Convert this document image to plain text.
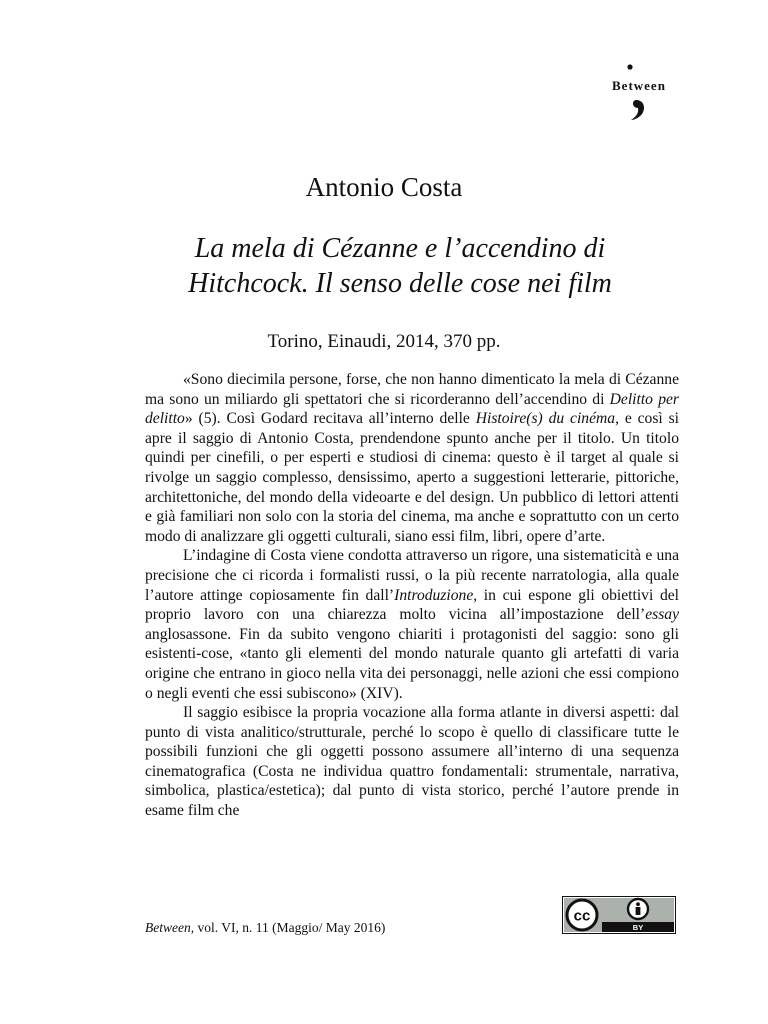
Between
Antonio Costa
La mela di Cézanne e l’accendino di
Hitchcock. Il senso delle cose nei film
Torino, Einaudi, 2014, 370 pp.

«Sono diecimila persone, forse, che non hanno dimenticato la mela di Cézanne ma sono un miliardo gli spettatori che si ricorderanno dell’accendino di Delitto per delitto» (5). Così Godard recitava all’interno delle Histoire(s) du cinéma, e così si apre il saggio di Antonio Costa, prendendone spunto anche per il titolo. Un titolo quindi per cinefili, o per esperti e studiosi di cinema: questo è il target al quale si rivolge un saggio complesso, densissimo, aperto a suggestioni letterarie, pittoriche, architettoniche, del mondo della videoarte e del design. Un pubblico di lettori attenti e già familiari non solo con la storia del cinema, ma anche e soprattutto con un certo modo di analizzare gli oggetti culturali, siano essi film, libri, opere d’arte.

L’indagine di Costa viene condotta attraverso un rigore, una sistematicità e una precisione che ci ricorda i formalisti russi, o la più recente narratologia, alla quale l’autore attinge copiosamente fin dall’Introduzione, in cui espone gli obiettivi del proprio lavoro con una chiarezza molto vicina all’impostazione dell’essay anglosassone. Fin da subito vengono chiariti i protagonisti del saggio: sono gli esistenti-cose, «tanto gli elementi del mondo naturale quanto gli artefatti di varia origine che entrano in gioco nella vita dei personaggi, nelle azioni che essi compiono o negli eventi che essi subiscono» (XIV).

Il saggio esibisce la propria vocazione alla forma atlante in diversi aspetti: dal punto di vista analitico/strutturale, perché lo scopo è quello di classificare tutte le possibili funzioni che gli oggetti possono assumere all’interno di una sequenza cinematografica (Costa ne individua quattro fondamentali: strumentale, narrativa, simbolica, plastica/estetica); dal punto di vista storico, perché l’autore prende in esame film che

Between, vol. VI, n. 11 (Maggio/ May 2016)
cc
BY
